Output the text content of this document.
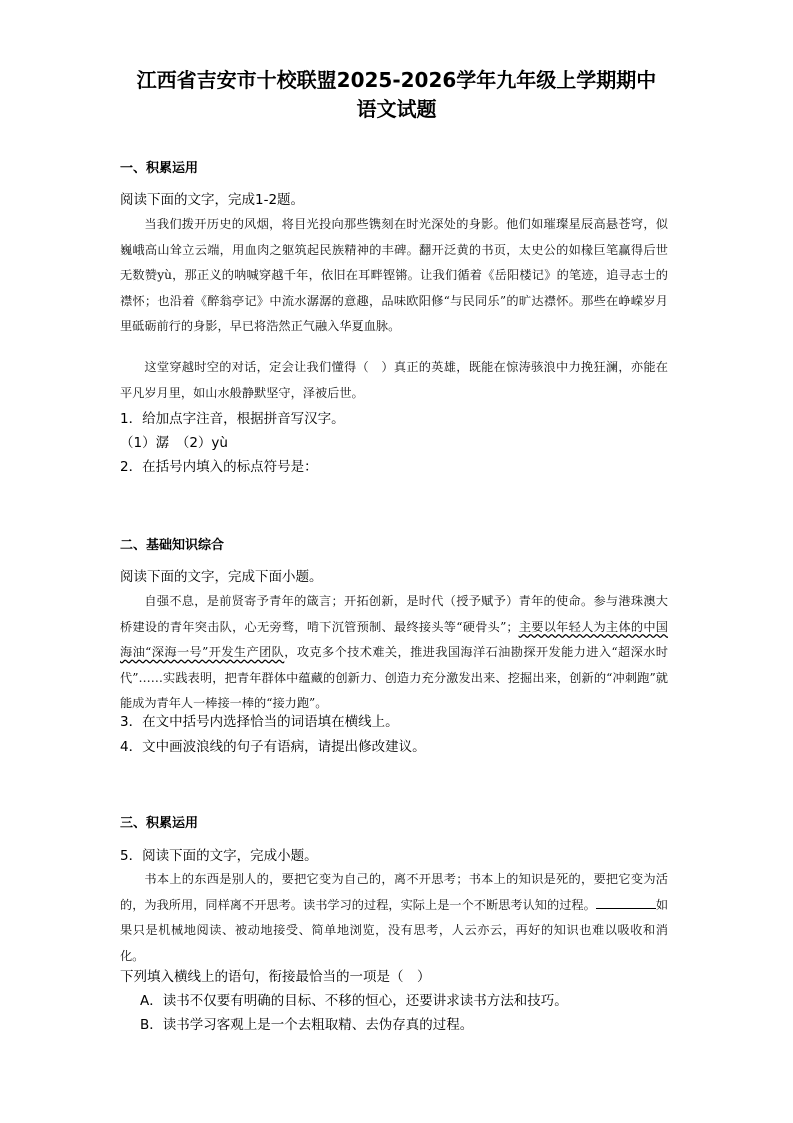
江西省吉安市十校联盟2025-2026学年九年级上学期期中
语文试题
一、积累运用
阅读下面的文字，完成1-2题。
当我们拨开历史的风烟，将目光投向那些镌刻在时光深处的身影。他们如璀璨星辰高悬苍穹，似巍峨高山耸立云端，用血肉之躯筑起民族精神的丰碑。翻开泛黄的书页，太史公的如椽巨笔赢得后世无数赞yù，那正义的呐喊穿越千年，依旧在耳畔铿锵。让我们循着《岳阳楼记》的笔迹，追寻志士的襟怀；也沿着《醉翁亭记》中流水潺潺的意趣，品味欧阳修“与民同乐”的旷达襟怀。那些在峥嵘岁月里砥砺前行的身影，早已将浩然正气融入华夏血脉。
这堂穿越时空的对话，定会让我们懂得（　）真正的英雄，既能在惊涛骇浪中力挽狂澜，亦能在平凡岁月里，如山水般静默坚守，泽被后世。
1．给加点字注音，根据拼音写汉字。
（1）潺　（2）yù
2．在括号内填入的标点符号是：
二、基础知识综合
阅读下面的文字，完成下面小题。
自强不息，是前贤寄予青年的箴言；开拓创新，是时代（授予赋予）青年的使命。参与港珠澳大桥建设的青年突击队，心无旁骛，啃下沉管预制、最终接头等“硬骨头”；主要以年轻人为主体的中国海油“深海一号”开发生产团队，攻克多个技术难关，推进我国海洋石油勘探开发能力进入“超深水时代”……实践表明，把青年群体中蕴藏的创新力、创造力充分激发出来、挖掘出来，创新的“冲刺跑”就能成为青年人一棒接一棒的“接力跑”。
3．在文中括号内选择恰当的词语填在横线上。
4．文中画波浪线的句子有语病，请提出修改建议。
三、积累运用
5．阅读下面的文字，完成小题。
书本上的东西是别人的，要把它变为自己的，离不开思考；书本上的知识是死的，要把它变为活的，为我所用，同样离不开思考。读书学习的过程，实际上是一个不断思考认知的过程。	如果只是机械地阅读、被动地接受、简单地浏览，没有思考，人云亦云，再好的知识也难以吸收和消化。
下列填入横线上的语句，衔接最恰当的一项是（　）
A．读书不仅要有明确的目标、不移的恒心，还要讲求读书方法和技巧。
B．读书学习客观上是一个去粗取精、去伪存真的过程。
